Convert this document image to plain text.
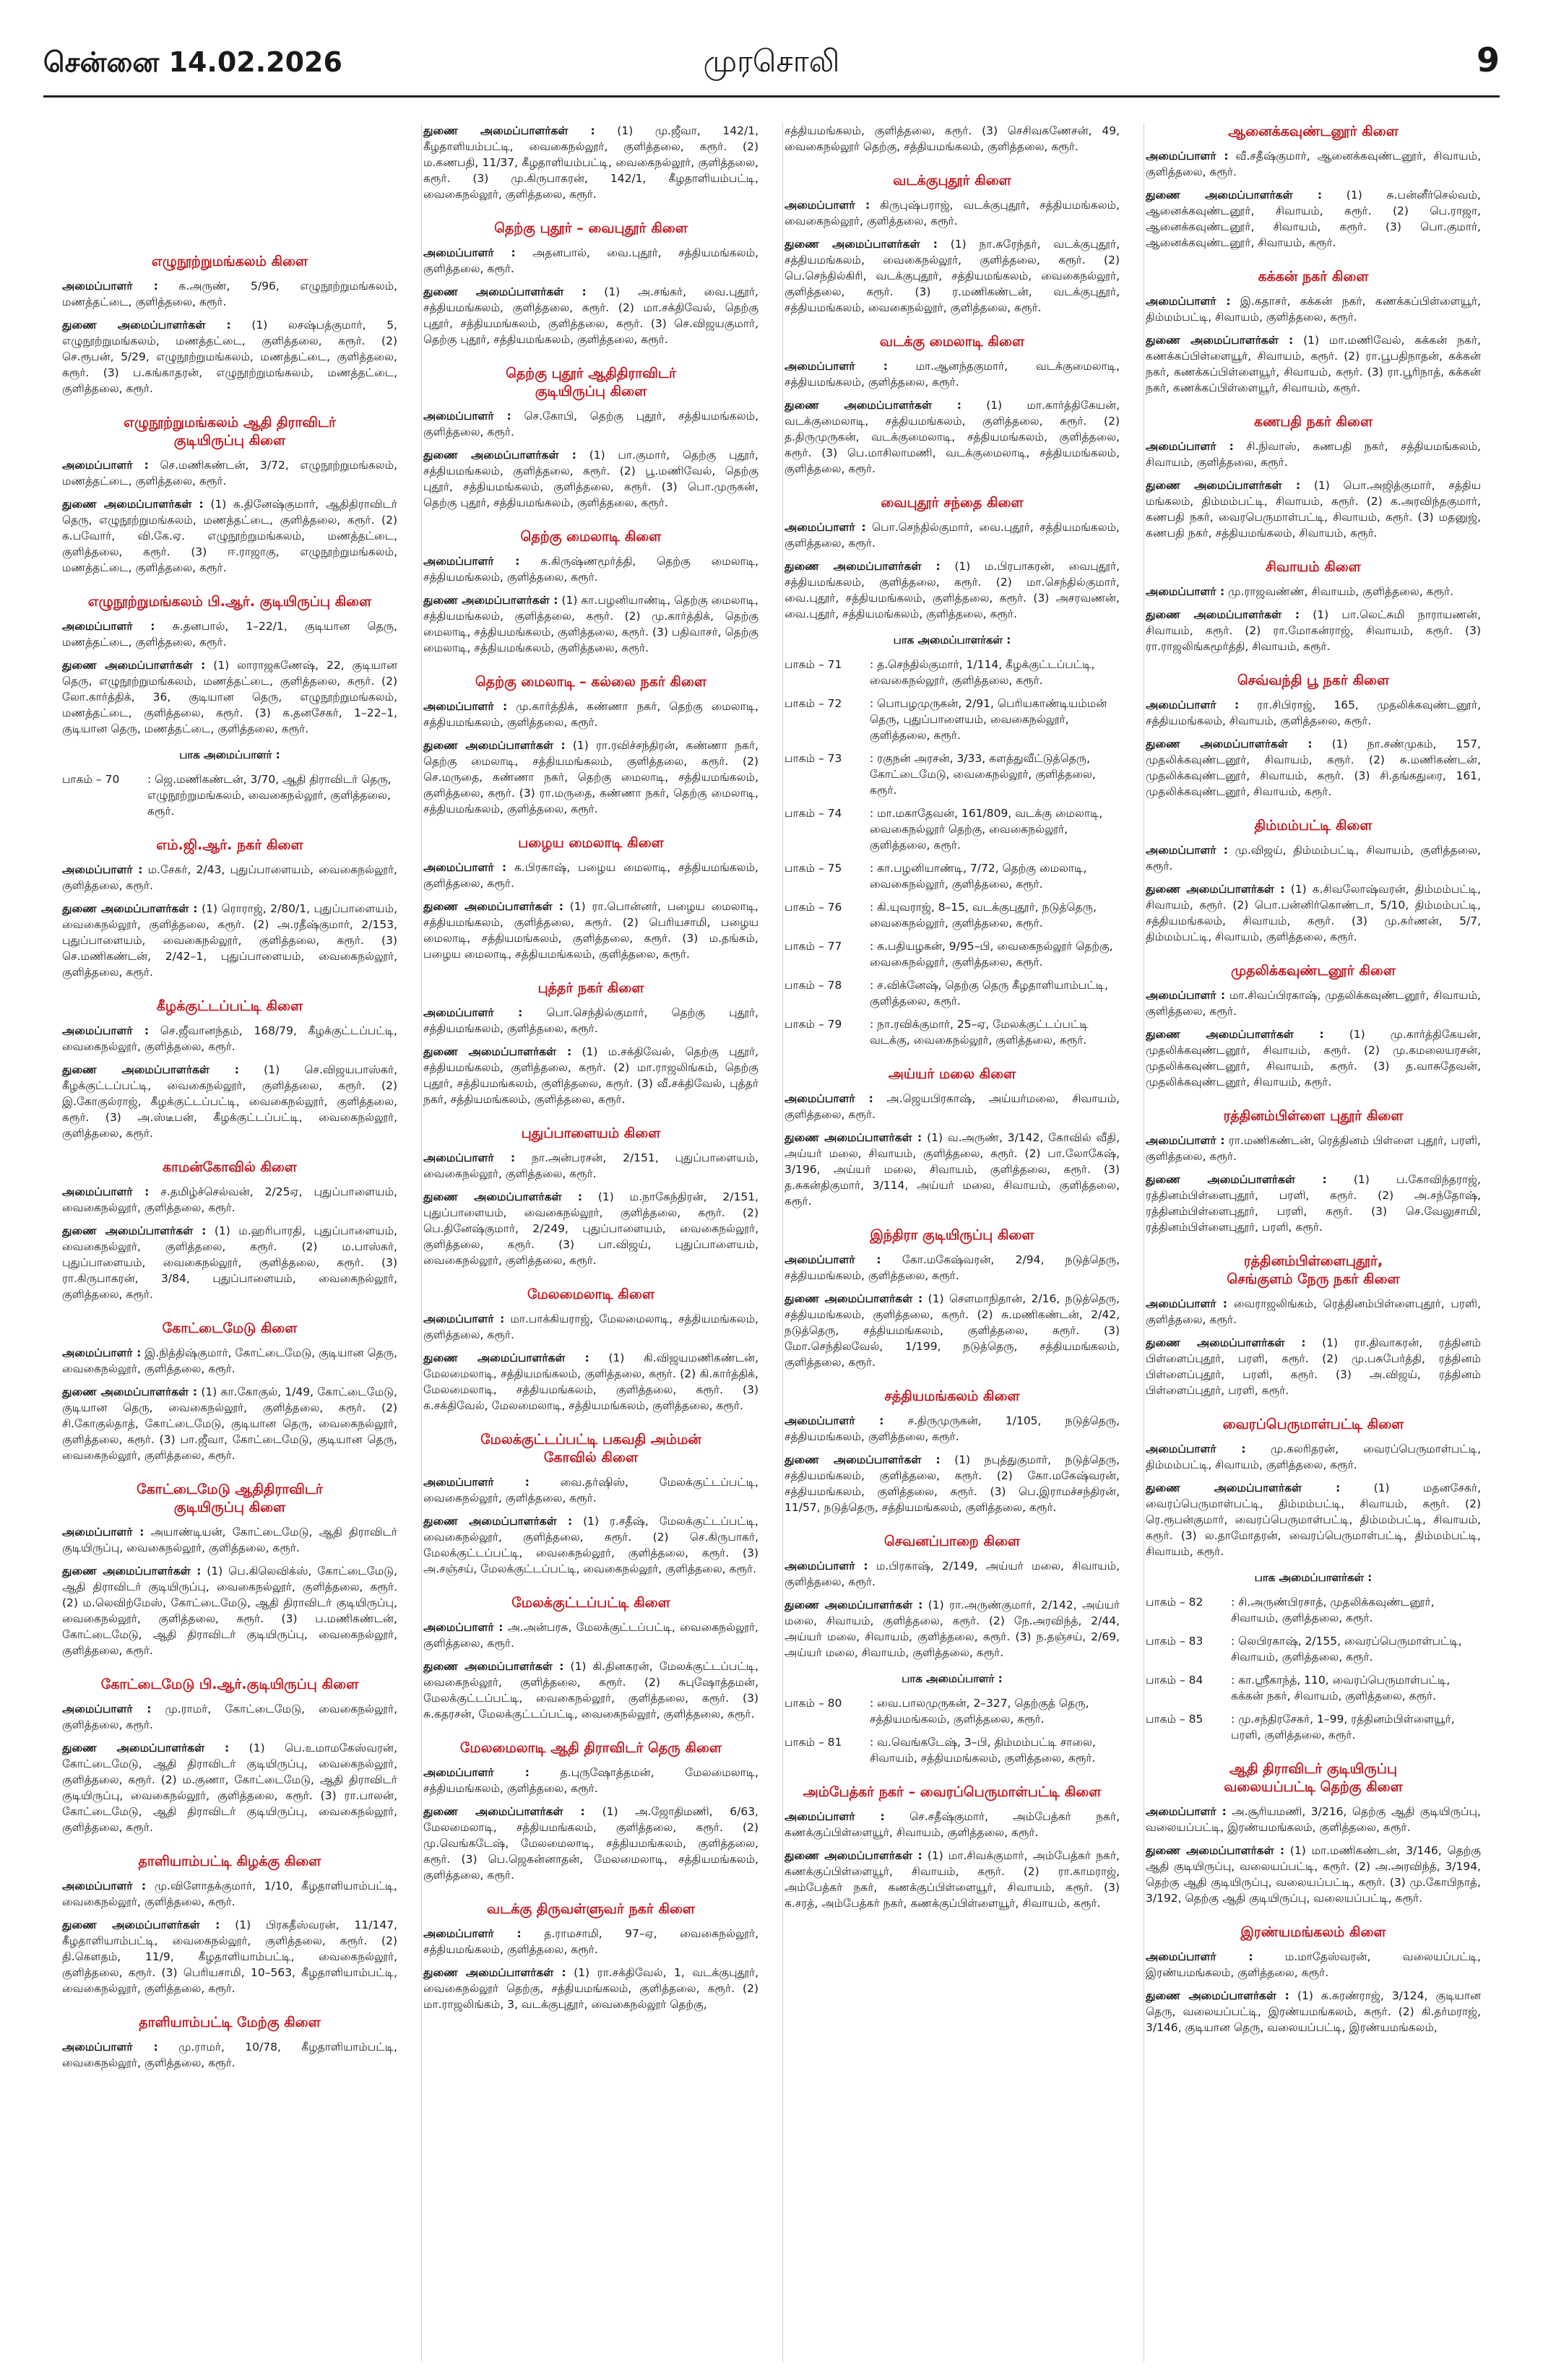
சென்னை 14.02.2026	முரசொலி	9
எழுநூற்றுமங்கலம் கிளை
அமைப்பாளர் : க.அருண், 5/96, எழுநூற்றுமங்கலம், மணத்தட்டை, குளித்தலை, கரூர்.
துணை அமைப்பாளர்கள் : (1) லசஷ்பத்குமார், 5, எழுநூற்றுமங்கலம், மணத்தட்டை, குளித்தலை, கரூர். (2) செ.ரூபன், 5/29, எழுநூற்றுமங்கலம், மணத்தட்டை, குளித்தலை, கரூர். (3) ப.கங்காதரன், எழுநூற்றுமங்கலம், மணத்தட்டை, குளித்தலை, கரூர்.
எழுநூற்றுமங்கலம் ஆதி திராவிடர்
குடியிருப்பு கிளை
அமைப்பாளர் : செ.மணிகண்டன், 3/72, எழுநூற்றுமங்கலம், மணத்தட்டை, குளித்தலை, கரூர்.
துணை அமைப்பாளர்கள் : (1) க.தினேஷ்குமார், ஆதிதிராவிடர் தெரு, எழுநூற்றுமங்கலம், மணத்தட்டை, குளித்தலை, கரூர். (2) க.பவோர், வி.கே.ஏ. எழுநூற்றுமங்கலம், மணத்தட்டை, குளித்தலை, கரூர். (3) ஈ.ராஜாகு, எழுநூற்றுமங்கலம், மணத்தட்டை, குளித்தலை, கரூர்.
எழுநூற்றுமங்கலம் பி.ஆர். குடியிருப்பு கிளை
அமைப்பாளர் : சு.தனபால், 1–22/1, குடியான தெரு, மணத்தட்டை, குளித்தலை, கரூர்.
துணை அமைப்பாளர்கள் : (1) லாராஜகணேஷ், 22, குடியான தெரு, எழுநூற்றுமங்கலம், மணத்தட்டை, குளித்தலை, கரூர். (2) லோ.கார்த்திக், 36, குடியான தெரு, எழுநூற்றுமங்கலம், மணத்தட்டை, குளித்தலை, கரூர். (3) க.தனசேகர், 1–22–1, குடியான தெரு, மணத்தட்டை, குளித்தலை, கரூர்.
பாக அமைப்பாளர் :
பாகம் – 70	: ஜெ.மணிகண்டன், 3/70, ஆதி திராவிடர் தெரு, எழுநூற்றுமங்கலம், வைகைநல்லூர், குளித்தலை, கரூர்.
எம்.ஜி.ஆர். நகர் கிளை
அமைப்பாளர் : ம.சேகர், 2/43, புதுப்பாளையம், வைகைநல்லூர், குளித்தலை, கரூர்.
துணை அமைப்பாளர்கள் : (1) ரொராஜ், 2/80/1, புதுப்பாளையம், வைகைநல்லூர், குளித்தலை, கரூர். (2) அ.ரதீஷ்குமார், 2/153, புதுப்பாளையம், வைகைநல்லூர், குளித்தலை, கரூர். (3) செ.மணிகண்டன், 2/42–1, புதுப்பாளையம், வைகைநல்லூர், குளித்தலை, கரூர்.
கீழக்குட்டப்பட்டி கிளை
அமைப்பாளர் : செ.ஜீவானந்தம், 168/79, கீழக்குட்டப்பட்டி, வைகைநல்லூர், குளித்தலை, கரூர்.
துணை அமைப்பாளர்கள் : (1) செ.விஜயபாஸ்கர், கீழக்குட்டப்பட்டி, வைகைநல்லூர், குளித்தலை, கரூர். (2) இ.கோகுல்ராஜ், கீழக்குட்டப்பட்டி, வைகைநல்லூர், குளித்தலை, கரூர். (3) அ.ஸ்டீபன், கீழக்குட்டப்பட்டி, வைகைநல்லூர், குளித்தலை, கரூர்.
காமன்கோவில் கிளை
அமைப்பாளர் : ச.தமிழ்ச்செல்வன், 2/25ஏ, புதுப்பாளையம், வைகைநல்லூர், குளித்தலை, கரூர்.
துணை அமைப்பாளர்கள் : (1) ம.ஹரிபாரதி, புதுப்பாளையம், வைகைநல்லூர், குளித்தலை, கரூர். (2) ம.பாஸ்கர், புதுப்பாளையம், வைகைநல்லூர், குளித்தலை, கரூர். (3) ரா.கிருபாகரன், 3/84, புதுப்பாளையம், வைகைநல்லூர், குளித்தலை, கரூர்.
கோட்டைமேடு கிளை
அமைப்பாளர் : இ.நித்திஷ்குமார், கோட்டைமேடு, குடியான தெரு, வைகைநல்லூர், குளித்தலை, கரூர்.
துணை அமைப்பாளர்கள் : (1) கா.கோகுல், 1/49, கோட்டைமேடு, குடியான தெரு, வைகைநல்லூர், குளித்தலை, கரூர். (2) சி.கோகுல்தாத், கோட்டைமேடு, குடியான தெரு, வைகைநல்லூர், குளித்தலை, கரூர். (3) பா.ஜீவா, கோட்டைமேடு, குடியான தெரு, வைகைநல்லூர், குளித்தலை, கரூர்.
கோட்டைமேடு ஆதிதிராவிடர்
குடியிருப்பு கிளை
அமைப்பாளர் : அயாண்டியன், கோட்டைமேடு, ஆதி திராவிடர் குடியிருப்பு, வைகைநல்லூர், குளித்தலை, கரூர்.
துணை அமைப்பாளர்கள் : (1) பெ.கிலெவிக்ஸ், கோட்டைமேடு, ஆதி திராவிடர் குடியிருப்பு, வைகைநல்லூர், குளித்தலை, கரூர். (2) ம.லெவிற்மேஸ், கோட்டைமேடு, ஆதி திராவிடர் குடியிருப்பு, வைகைநல்லூர், குளித்தலை, கரூர். (3) ப.மணிகண்டன், கோட்டைமேடு, ஆதி திராவிடர் குடியிருப்பு, வைகைநல்லூர், குளித்தலை, கரூர்.
கோட்டைமேடு பி.ஆர்.குடியிருப்பு கிளை
அமைப்பாளர் : மு.ராமர், கோட்டைமேடு, வைகைநல்லூர், குளித்தலை, கரூர்.
துணை அமைப்பாளர்கள் : (1) பெ.உமாமகேஸ்வரன், கோட்டைமேடு, ஆதி திராவிடர் குடியிருப்பு, வைகைநல்லூர், குளித்தலை, கரூர். (2) ம.குணா, கோட்டைமேடு, ஆதி திராவிடர் குடியிருப்பு, வைகைநல்லூர், குளித்தலை, கரூர். (3) ரா.பாலன், கோட்டைமேடு, ஆதி திராவிடர் குடியிருப்பு, வைகைநல்லூர், குளித்தலை, கரூர்.
தாளியாம்பட்டி கிழக்கு கிளை
அமைப்பாளர் : மு.விளோதக்குமார், 1/10, கீழதாளியாம்பட்டி, வைகைநல்லூர், குளித்தலை, கரூர்.
துணை அமைப்பாளர்கள் : (1) பிரகதீஸ்வரன், 11/147, கீழதாளியாம்பட்டி, வைகைநல்லூர், குளித்தலை, கரூர். (2) தி.கௌதம், 11/9, கீழதாளியாம்பட்டி, வைகைநல்லூர், குளித்தலை, கரூர். (3) பெரியசாமி, 10–563, கீழதாளியாம்பட்டி, வைகைநல்லூர், குளித்தலை, கரூர்.
தாளியாம்பட்டி மேற்கு கிளை
அமைப்பாளர் : மு.ராமர், 10/78, கீழதாளியாம்பட்டி, வைகைநல்லூர், குளித்தலை, கரூர்.
துணை அமைப்பாளர்கள் : (1) மு.ஜீவா, 142/1, கீழதாளியம்பட்டி, வைகைநல்லூர், குளித்தலை, கரூர். (2) ம.கணபதி, 11/37, கீழதாளியம்பட்டி, வைகைநல்லூர், குளித்தலை, கரூர். (3) மு.கிருபாகரன், 142/1, கீழதாளியம்பட்டி, வைகைநல்லூர், குளித்தலை, கரூர்.
தெற்கு புதூர் – வைபுதூர் கிளை
அமைப்பாளர் : அதனபால், வை.புதூர், சத்தியமங்கலம், குளித்தலை, கரூர்.
துணை அமைப்பாளர்கள் : (1) அ.சங்கர், வை.புதூர், சத்தியமங்கலம், குளித்தலை, கரூர். (2) மா.சக்திவேல், தெற்கு புதூர், சத்தியமங்கலம், குளித்தலை, கரூர். (3) செ.விஜயகுமார், தெற்கு புதூர், சத்தியமங்கலம், குளித்தலை, கரூர்.
தெற்கு புதூர் ஆதிதிராவிடர்
குடியிருப்பு கிளை
அமைப்பாளர் : செ.கோபி, தெற்கு புதூர், சத்தியமங்கலம், குளித்தலை, கரூர்.
துணை அமைப்பாளர்கள் : (1) பா.குமார், தெற்கு புதூர், சத்தியமங்கலம், குளித்தலை, கரூர். (2) பூ.மணிவேல், தெற்கு புதூர், சத்தியமங்கலம், குளித்தலை, கரூர். (3) பொ.முருகன், தெற்கு புதூர், சத்தியமங்கலம், குளித்தலை, கரூர்.
தெற்கு மைலாடி கிளை
அமைப்பாளர் : க.கிருஷ்ணமூர்த்தி, தெற்கு மைலாடி, சத்தியமங்கலம், குளித்தலை, கரூர்.
துணை அமைப்பாளர்கள் : (1) கா.பழனியாண்டி, தெற்கு மைலாடி, சத்தியமங்கலம், குளித்தலை, கரூர். (2) மு.கார்த்திக், தெற்கு மைலாடி, சத்தியமங்கலம், குளித்தலை, கரூர். (3) பதிவாசர், தெற்கு மைலாடி, சத்தியமங்கலம், குளித்தலை, கரூர்.
தெற்கு மைலாடி – கல்லை நகர் கிளை
அமைப்பாளர் : மு.கார்த்திக், கண்ணா நகர், தெற்கு மைலாடி, சத்தியமங்கலம், குளித்தலை, கரூர்.
துணை அமைப்பாளர்கள் : (1) ரா.ரவிச்சந்திரன், கண்ணா நகர், தெற்கு மைலாடி, சத்தியமங்கலம், குளித்தலை, கரூர். (2) செ.மருதை, கண்ணா நகர், தெற்கு மைலாடி, சத்தியமங்கலம், குளித்தலை, கரூர். (3) ரா.மருதை, கண்ணா நகர், தெற்கு மைலாடி, சத்தியமங்கலம், குளித்தலை, கரூர்.
பழைய மைலாடி கிளை
அமைப்பாளர் : க.பிரகாஷ், பழைய மைலாடி, சத்தியமங்கலம், குளித்தலை, கரூர்.
துணை அமைப்பாளர்கள் : (1) ரா.பொன்னர், பழைய மைலாடி, சத்தியமங்கலம், குளித்தலை, கரூர். (2) பெரியசாமி, பழைய மைலாடி, சத்தியமங்கலம், குளித்தலை, கரூர். (3) ம.தங்கம், பழைய மைலாடி, சத்தியமங்கலம், குளித்தலை, கரூர்.
புத்தர் நகர் கிளை
அமைப்பாளர் : பொ.செந்தில்குமார், தெற்கு புதூர், சத்தியமங்கலம், குளித்தலை, கரூர்.
துணை அமைப்பாளர்கள் : (1) ம.சக்திவேல், தெற்கு புதூர், சத்தியமங்கலம், குளித்தலை, கரூர். (2) மா.ராஜலிங்கம், தெற்கு புதூர், சத்தியமங்கலம், குளித்தலை, கரூர். (3) வீ.சக்திவேல், புத்தர் நகர், சத்தியமங்கலம், குளித்தலை, கரூர்.
புதுப்பாளையம் கிளை
அமைப்பாளர் : நா.அன்பரசன், 2/151, புதுப்பாளையம், வைகைநல்லூர், குளித்தலை, கரூர்.
துணை அமைப்பாளர்கள் : (1) ம.நாகேந்திரன், 2/151, புதுப்பாளையம், வைகைநல்லூர், குளித்தலை, கரூர். (2) பெ.தினேஷ்குமார், 2/249, புதுப்பாளையம், வைகைநல்லூர், குளித்தலை, கரூர். (3) பா.விஜய், புதுப்பாளையம், வைகைநல்லூர், குளித்தலை, கரூர்.
மேலமைலாடி கிளை
அமைப்பாளர் : மா.பாக்கியராஜ், மேலமைலாடி, சத்தியமங்கலம், குளித்தலை, கரூர்.
துணை அமைப்பாளர்கள் : (1) கி.விஜயமணிகண்டன், மேலமைலாடி, சத்தியமங்கலம், குளித்தலை, கரூர். (2) கி.கார்த்திக், மேலமைலாடி, சத்தியமங்கலம், குளித்தலை, கரூர். (3) க.சக்திவேல், மேலமைலாடி, சத்தியமங்கலம், குளித்தலை, கரூர்.
மேலக்குட்டப்பட்டி பகவதி அம்மன்
கோவில் கிளை
அமைப்பாளர் :	வை.தர்ஷிஸ், மேலக்குட்டப்பட்டி, வைகைநல்லூர், குளித்தலை, கரூர்.
துணை அமைப்பாளர்கள் : (1) ர.சதீஷ், மேலக்குட்டப்பட்டி, வைகைநல்லூர், குளித்தலை, கரூர். (2) செ.கிருபாகர், மேலக்குட்டப்பட்டி, வைகைநல்லூர், குளித்தலை, கரூர். (3) அ.சஞ்சய், மேலக்குட்டப்பட்டி, வைகைநல்லூர், குளித்தலை, கரூர்.
மேலக்குட்டப்பட்டி கிளை
அமைப்பாளர் : அ.அன்பரசு, மேலக்குட்டப்பட்டி, வைகைநல்லூர், குளித்தலை, கரூர்.
துணை அமைப்பாளர்கள் : (1) கி.தினகரன், மேலக்குட்டப்பட்டி, வைகைநல்லூர், குளித்தலை, கரூர். (2) சுபுஷோத்தமன், மேலக்குட்டப்பட்டி, வைகைநல்லூர், குளித்தலை, கரூர். (3) சு.கதரசன், மேலக்குட்டப்பட்டி, வைகைநல்லூர், குளித்தலை, கரூர்.
மேலமைலாடி ஆதி திராவிடர் தெரு கிளை
அமைப்பாளர் :	த.புருஷோத்தமன், மேலமைலாடி, சத்தியமங்கலம், குளித்தலை, கரூர்.
துணை அமைப்பாளர்கள் : (1) அ.ஜோதிமணி, 6/63, மேலமைலாடி, சத்தியமங்கலம், குளித்தலை, கரூர். (2) மு.வெங்கடேஷ், மேலமைலாடி, சத்தியமங்கலம், குளித்தலை, கரூர். (3) பெ.ஜெகன்னாதன், மேலமைலாடி, சத்தியமங்கலம், குளித்தலை, கரூர்.
வடக்கு திருவள்ளுவர் நகர் கிளை
அமைப்பாளர் : த.ராமசாமி, 97–ஏ, வைகைநல்லூர், சத்தியமங்கலம், குளித்தலை, கரூர்.
துணை அமைப்பாளர்கள் : (1) ரா.சக்திவேல், 1, வடக்குபுதூர், வைகைநல்லூர் தெற்கு, சத்தியமங்கலம், குளித்தலை, கரூர். (2) மா.ராஜலிங்கம், 3, வடக்குபுதூர், வைகைநல்லூர் தெற்கு,
சத்தியமங்கலம், குளித்தலை, கரூர். (3) செசிவகணேசன், 49, வைகைநல்லூர் தெற்கு, சத்தியமங்கலம், குளித்தலை, கரூர்.
வடக்குபுதூர் கிளை
அமைப்பாளர் : கிருபுஷ்பராஜ், வடக்குபுதூர், சத்தியமங்கலம், வைகைநல்லூர், குளித்தலை, கரூர்.
துணை அமைப்பாளர்கள் : (1) நா.சுரேந்தர், வடக்குபுதூர், சத்தியமங்கலம், வைகைநல்லூர், குளித்தலை, கரூர். (2) பெ.செந்தில்கிரி, வடக்குபுதூர், சத்தியமங்கலம், வைகைநல்லூர், குளித்தலை, கரூர். (3) ர.மணிகண்டன், வடக்குபுதூர், சத்தியமங்கலம், வைகைநல்லூர், குளித்தலை, கரூர்.
வடக்கு மைலாடி கிளை
அமைப்பாளர் : மா.ஆனந்தகுமார், வடக்குமைலாடி, சத்தியமங்கலம், குளித்தலை, கரூர்.
துணை அமைப்பாளர்கள் : (1) மா.கார்த்திகேயன், வடக்குமைலாடி, சத்தியமங்கலம், குளித்தலை, கரூர். (2) த.திருமுருகன், வடக்குமைலாடி, சத்தியமங்கலம், குளித்தலை, கரூர். (3) பெ.மாசிலாமணி, வடக்குமைலாடி, சத்தியமங்கலம், குளித்தலை, கரூர்.
வைபுதூர் சந்தை கிளை
அமைப்பாளர் : பொ.செந்தில்குமார், வை.புதூர், சத்தியமங்கலம், குளித்தலை, கரூர்.
துணை அமைப்பாளர்கள் : (1) ம.பிரபாகரன், வைபுதூர், சத்தியமங்கலம், குளித்தலை, கரூர். (2) மா.செந்தில்குமார், வை.புதூர், சத்தியமங்கலம், குளித்தலை, கரூர். (3) அசரவணன், வை.புதூர், சத்தியமங்கலம், குளித்தலை, கரூர்.
பாக அமைப்பாளர்கள் :
பாகம் – 71	: த.செந்தில்குமார், 1/114, கீழக்குட்டப்பட்டி, வைகைநல்லூர், குளித்தலை, கரூர்.
பாகம் – 72	: பொபழமுருகன், 2/91, பெரியகாண்டியம்மன் தெரு, புதுப்பாளையம், வைகைநல்லூர், குளித்தலை, கரூர்.
பாகம் – 73	: ரகுநன் அரசன், 3/33, களத்துவீட்டுத்தெரு, கோட்டைமேடு, வைகைநல்லூர், குளித்தலை, கரூர்.
பாகம் – 74	: மா.மகாதேவன், 161/809, வடக்கு மைலாடி, வைகைநல்லூர் தெற்கு, வைகைநல்லூர், குளித்தலை, கரூர்.
பாகம் – 75	: கா.பழனியாண்டி, 7/72, தெற்கு மைலாடி, வைகைநல்லூர், குளித்தலை, கரூர்.
பாகம் – 76	: கி.யுவராஜ், 8–15, வடக்குபுதூர், நடுத்தெரு, வைகைநல்லூர், குளித்தலை, கரூர்.
பாகம் – 77	: க.பதியழகன், 9/95–பி, வைகைநல்லூர் தெற்கு, வைகைநல்லூர், குளித்தலை, கரூர்.
பாகம் – 78	: ச.விக்னேஷ், தெற்கு தெரு கீழதாளியாம்பட்டி, குளித்தலை, கரூர்.
பாகம் – 79	: நா.ரவிக்குமார், 25–ஏ, மேலக்குட்டப்பட்டி வடக்கு, வைகைநல்லூர், குளித்தலை, கரூர்.
அய்யர் மலை கிளை
அமைப்பாளர் : அ.ஜெயபிரகாஷ், அய்யர்மலை, சிவாயம், குளித்தலை, கரூர்.
துணை அமைப்பாளர்கள் : (1) வ.அருண், 3/142, கோவில் வீதி, அய்யர் மலை, சிவாயம், குளித்தலை, கரூர். (2) பா.லோகேஷ், 3/196, அய்யர் மலை, சிவாயம், குளித்தலை, கரூர். (3) த.சுகன்திகுமார், 3/114, அய்யர் மலை, சிவாயம், குளித்தலை, கரூர்.
இந்திரா குடியிருப்பு கிளை
அமைப்பாளர் : கோ.மகேஷ்வரன், 2/94, நடுத்தெரு, சத்தியமங்கலம், குளித்தலை, கரூர்.
துணை அமைப்பாளர்கள் : (1) சௌமாநிதான், 2/16, நடுத்தெரு, சத்தியமங்கலம், குளித்தலை, கரூர். (2) சு.மணிகண்டன், 2/42, நடுத்தெரு, சத்தியமங்கலம், குளித்தலை, கரூர். (3) மோ.செந்திலவேல், 1/199, நடுத்தெரு, சத்தியமங்கலம், குளித்தலை, கரூர்.
சத்தியமங்கலம் கிளை
அமைப்பாளர் : ச.திருமுருகன், 1/105, நடுத்தெரு, சத்தியமங்கலம், குளித்தலை, கரூர்.
துணை அமைப்பாளர்கள் : (1) நபுத்துகுமார், நடுத்தெரு, சத்தியமங்கலம், குளித்தலை, கரூர். (2) கோ.மகேஷ்வரன், சத்தியமங்கலம், குளித்தலை, கரூர். (3) பெ.இராமச்சந்திரன், 11/57, நடுத்தெரு, சத்தியமங்கலம், குளித்தலை, கரூர்.
செவனப்பாறை கிளை
அமைப்பாளர் : ம.பிரகாஷ், 2/149, அய்யர் மலை, சிவாயம், குளித்தலை, கரூர்.
துணை அமைப்பாளர்கள் : (1) ரா.அருண்குமார், 2/142, அய்யர் மலை, சிவாயம், குளித்தலை, கரூர். (2) நே.அரவிந்த், 2/44, அய்யர் மலை, சிவாயம், குளித்தலை, கரூர். (3) ந.தஞ்சய், 2/69, அய்யர் மலை, சிவாயம், குளித்தலை, கரூர்.
பாக அமைப்பாளர் :
பாகம் – 80	: வை.பாலமுருகன், 2–327, தெற்குத் தெரு, சத்தியமங்கலம், குளித்தலை, கரூர்.
பாகம் – 81	: வ.வெங்கடேஷ், 3–பி, திம்மம்பட்டி சாலை, சிவாயம், சத்தியமங்கலம், குளித்தலை, கரூர்.
அம்பேத்கர் நகர் – வைரப்பெருமாள்பட்டி கிளை
அமைப்பாளர் : செ.சதீஷ்குமார், அம்பேத்கர் நகர், கணக்குப்பிள்ளையூர், சிவாயம், குளித்தலை, கரூர்.
துணை அமைப்பாளர்கள் : (1) மா.சிவக்குமார், அம்பேத்கர் நகர், கணக்குப்பிள்ளையூர், சிவாயம், கரூர். (2) ரா.காமராஜ், அம்பேத்கர் நகர், கணக்குப்பிள்ளையூர், சிவாயம், கரூர். (3) க.சரத், அம்பேத்கர் நகர், கணக்குப்பிள்ளையூர், சிவாயம், கரூர்.
ஆனைக்கவுண்டனூர் கிளை
அமைப்பாளர் : வீ.சதீஷ்குமார், ஆனைக்கவுண்டனூர், சிவாயம், குளித்தலை, கரூர்.
துணை அமைப்பாளர்கள் : (1) சு.பன்னீர்செல்வம், ஆனைக்கவுண்டனூர், சிவாயம், கரூர். (2) பெ.ராஜா, ஆனைக்கவுண்டனூர், சிவாயம், கரூர். (3) பொ.குமார், ஆனைக்கவுண்டனூர், சிவாயம், கரூர்.
கக்கன் நகர் கிளை
அமைப்பாளர் : இ.கதாசர், கக்கன் நகர், கணக்கப்பிள்ளையூர், திம்மம்பட்டி, சிவாயம், குளித்தலை, கரூர்.
துணை அமைப்பாளர்கள் : (1) மா.மணிவேல், கக்கன் நகர், கணக்கப்பிள்ளையூர், சிவாயம், கரூர். (2) ரா.பூபதிநாதன், கக்கன் நகர், கணக்கப்பிள்ளையூர், சிவாயம், கரூர். (3) ரா.பூரிநாத், கக்கன் நகர், கணக்கப்பிள்ளையூர், சிவாயம், கரூர்.
கணபதி நகர் கிளை
அமைப்பாளர் : சி.நிவாஸ், கணபதி நகர், சத்தியமங்கலம், சிவாயம், குளித்தலை, கரூர்.
துணை அமைப்பாளர்கள் : (1) பொ.அஜித்குமார், சத்திய மங்கலம், திம்மம்பட்டி, சிவாயம், கரூர். (2) க.அரவிந்தகுமார், கணபதி நகர், வைரபெருமாள்பட்டி, சிவாயம், கரூர். (3) மதனுஜ், கணபதி நகர், சத்தியமங்கலம், சிவாயம், கரூர்.
சிவாயம் கிளை
அமைப்பாளர் : மு.ராஜவண்ண், சிவாயம், குளித்தலை, கரூர்.
துணை அமைப்பாளர்கள் : (1) பா.லெட்சுமி நாராயணன், சிவாயம், கரூர். (2) ரா.மோகன்ராஜ், சிவாயம், கரூர். (3) ரா.ராஜலிங்கமூர்த்தி, சிவாயம், கரூர்.
செவ்வந்தி பூ நகர் கிளை
அமைப்பாளர் : ரா.சிபிராஜ், 165, முதலிக்கவுண்டனூர், சத்தியமங்கலம், சிவாயம், குளித்தலை, கரூர்.
துணை அமைப்பாளர்கள் : (1) நா.சண்முகம், 157, முதலிக்கவுண்டனூர், சிவாயம், கரூர். (2) சு.மணிகண்டன், முதலிக்கவுண்டனூர், சிவாயம், கரூர். (3) சி.தங்கதுரை, 161, முதலிக்கவுண்டனூர், சிவாயம், கரூர்.
திம்மம்பட்டி கிளை
அமைப்பாளர் : மு.விஜய், திம்மம்பட்டி, சிவாயம், குளித்தலை, கரூர்.
துணை அமைப்பாளர்கள் : (1) க.சிவலோஷ்வரன், திம்மம்பட்டி, சிவாயம், கரூர். (2) பொ.பன்னிர்கொண்டா, 5/10, திம்மம்பட்டி, சத்தியமங்கலம், சிவாயம், கரூர். (3) மு.சுர்ணன், 5/7, திம்மம்பட்டி, சிவாயம், குளித்தலை, கரூர்.
முதலிக்கவுண்டனூர் கிளை
அமைப்பாளர் : மா.சிவப்பிரகாஷ், முதலிக்கவுண்டனூர், சிவாயம், குளித்தலை, கரூர்.
துணை அமைப்பாளர்கள் : (1) மு.கார்த்திகேயன், முதலிக்கவுண்டனூர், சிவாயம், கரூர். (2) மு.கமலையரசன், முதலிக்கவுண்டனூர், சிவாயம், கரூர். (3) த.வாசுதேவன், முதலிக்கவுண்டனூர், சிவாயம், கரூர்.
ரத்தினம்பிள்ளை புதூர் கிளை
அமைப்பாளர் : ரா.மணிகண்டன், ரெத்தினம் பிள்ளை புதூர், பரளி, குளித்தலை, கரூர்.
துணை அமைப்பாளர்கள் : (1) ப.கோவிந்தராஜ், ரத்தினம்பிள்ளைபுதூர், பரளி, கரூர். (2) அ.சந்தோஷ், ரத்தினம்பிள்ளைபுதூர், பரளி, கரூர். (3) செ.வேலுசாமி, ரத்தினம்பிள்ளைபுதூர், பரளி, கரூர்.
ரத்தினம்பிள்ளைபுதூர்,
செங்குளம் நேரு நகர் கிளை
அமைப்பாளர் : வைராஜலிங்கம், ரெத்தினம்பிள்ளைபுதூர், பரளி, குளித்தலை, கரூர்.
துணை அமைப்பாளர்கள் : (1) ரா.திவாகரன், ரத்தினம் பிள்ளைப்புதூர், பரளி, கரூர். (2) மு.பசுபேர்த்தி, ரத்தினம் பிள்ளைப்புதூர், பரளி, கரூர். (3) அ.விஜய், ரத்தினம் பிள்ளைப்புதூர், பரளி, கரூர்.
வைரப்பெருமாள்பட்டி கிளை
அமைப்பாளர் : மு.கலரிதரன், வைரப்பெருமாள்பட்டி, திம்மம்பட்டி, சிவாயம், குளித்தலை, கரூர்.
துணை அமைப்பாளர்கள் :	(1) மதனசேகர், வைரப்பெருமாள்பட்டி, திம்மம்பட்டி, சிவாயம், கரூர். (2) ரெ.ரூபன்குமார், வைரப்பெருமாள்பட்டி, திம்மம்பட்டி, சிவாயம், கரூர். (3) ல.தாமோதரன், வைரப்பெருமாள்பட்டி, திம்மம்பட்டி, சிவாயம், கரூர்.
பாக அமைப்பாளர்கள் :
பாகம் – 82	: சி.அருண்பிரசாத், முதலிக்கவுண்டனூர், சிவாயம், குளித்தலை, கரூர்.
பாகம் – 83	: லெபிரகாஷ், 2/155, வைரப்பெருமாள்பட்டி, சிவாயம், குளித்தலை, கரூர்.
பாகம் – 84	: கா.ஸ்ரீகாந்த், 110, வைரப்பெருமாள்பட்டி, கக்கன் நகர், சிவாயம், குளித்தலை, கரூர்.
பாகம் – 85	: மு.சந்திரசேகர், 1–99, ரத்தினம்பிள்ளையூர், பரளி, குளித்தலை, கரூர்.
ஆதி திராவிடர் குடியிருப்பு
வலையப்பட்டி தெற்கு கிளை
அமைப்பாளர் : அ.சூரியமணி, 3/216, தெற்கு ஆதி குடியிருப்பு, வலையப்பட்டி, இரண்யமங்கலம், குளித்தலை, கரூர்.
துணை அமைப்பாளர்கள் : (1) மா.மணிகண்டன், 3/146, தெற்கு ஆதி குடியிருப்பு, வலையப்பட்டி, கரூர். (2) அ.அரவிந்த், 3/194, தெற்கு ஆதி குடியிருப்பு, வலையப்பட்டி, கரூர். (3) மு.கோபிநாத், 3/192, தெற்கு ஆதி குடியிருப்பு, வலையப்பட்டி, கரூர்.
இரண்யமங்கலம் கிளை
அமைப்பாளர் :	ம.மாதேஸ்வரன், வலையப்பட்டி, இரண்யமங்கலம், குளித்தலை, கரூர்.
துணை அமைப்பாளர்கள் : (1) க.சுரண்ராஜ், 3/124, குடியான தெரு, வலையப்பட்டி, இரண்யமங்கலம், கரூர். (2) கி.தர்மராஜ், 3/146, குடியான தெரு, வலையப்பட்டி, இரண்யமங்கலம்,
